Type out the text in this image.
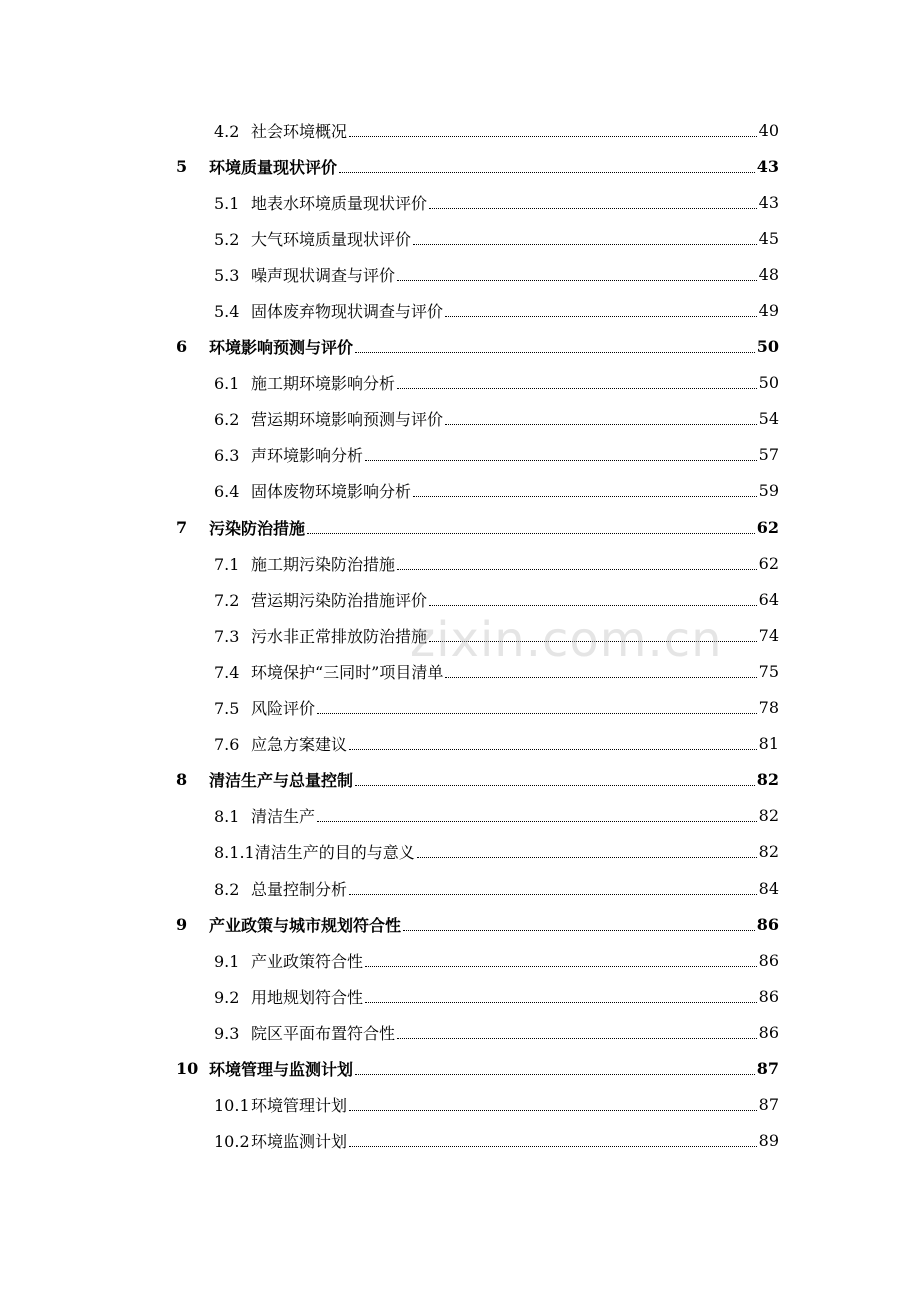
4.2 社会环境概况	40
5	环境质量现状评价	43
5.1 地表水环境质量现状评价	43
5.2 大气环境质量现状评价	45
5.3 噪声现状调查与评价	48
5.4 固体废弃物现状调查与评价	49
6	环境影响预测与评价	50
6.1 施工期环境影响分析	50
6.2 营运期环境影响预测与评价	54
6.3 声环境影响分析	57
6.4 固体废物环境影响分析	59
7	污染防治措施	62
7.1 施工期污染防治措施	62
7.2 营运期污染防治措施评价	64
7.3 污水非正常排放防治措施	74
7.4 环境保护“三同时”项目清单	75
7.5 风险评价	78
7.6 应急方案建议	81
8	清洁生产与总量控制	82
8.1 清洁生产	82
8.1.1清洁生产的目的与意义	82
8.2 总量控制分析	84
9	产业政策与城市规划符合性	86
9.1 产业政策符合性	86
9.2 用地规划符合性	86
9.3 院区平面布置符合性	86
10 环境管理与监测计划	87
10.1环境管理计划	87
10.2环境监测计划	89
zixin.com.cn
